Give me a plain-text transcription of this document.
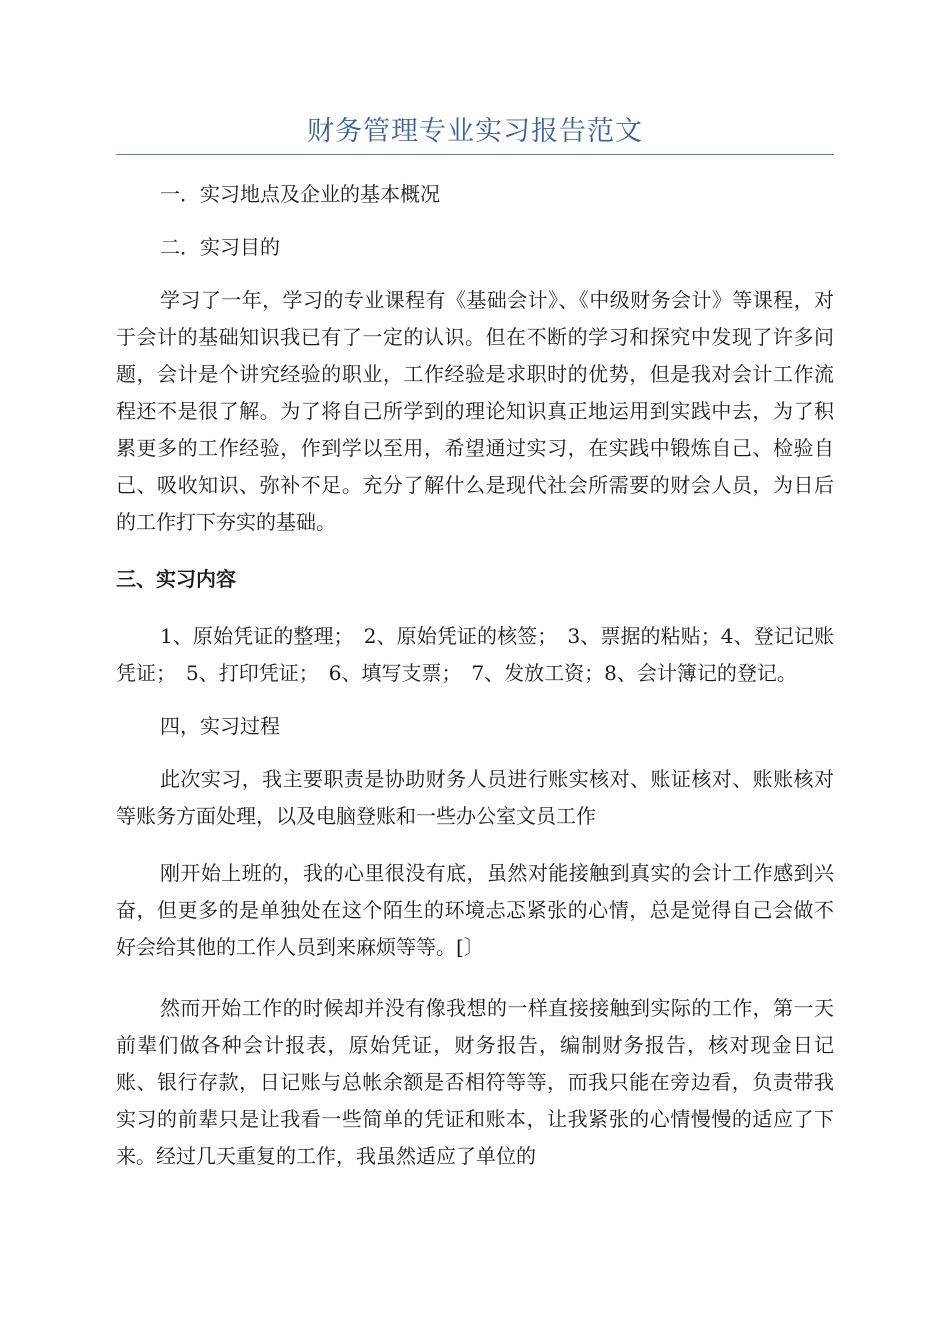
财务管理专业实习报告范文

一．实习地点及企业的基本概况

二．实习目的

学习了一年，学习的专业课程有《基础会计》、《中级财务会计》等课程，对于会计的基础知识我已有了一定的认识。但在不断的学习和探究中发现了许多问题，会计是个讲究经验的职业，工作经验是求职时的优势，但是我对会计工作流程还不是很了解。为了将自己所学到的理论知识真正地运用到实践中去，为了积累更多的工作经验，作到学以至用，希望通过实习，在实践中锻炼自己、检验自己、吸收知识、弥补不足。充分了解什么是现代社会所需要的财会人员，为日后的工作打下夯实的基础。

三、实习内容

1、原始凭证的整理；　2、原始凭证的核签；　3、票据的粘贴；4、登记记账凭证；　5、打印凭证；　6、填写支票；　7、发放工资；8、会计簿记的登记。

四，实习过程

此次实习，我主要职责是协助财务人员进行账实核对、账证核对、账账核对等账务方面处理，以及电脑登账和一些办公室文员工作

刚开始上班的，我的心里很没有底，虽然对能接触到真实的会计工作感到兴奋，但更多的是单独处在这个陌生的环境忐忑紧张的心情，总是觉得自己会做不好会给其他的工作人员到来麻烦等等。[〕

然而开始工作的时候却并没有像我想的一样直接接触到实际的工作，第一天前辈们做各种会计报表，原始凭证，财务报告，编制财务报告，核对现金日记账、银行存款，日记账与总帐余额是否相符等等，而我只能在旁边看，负责带我实习的前辈只是让我看一些简单的凭证和账本，让我紧张的心情慢慢的适应了下来。经过几天重复的工作，我虽然适应了单位的
